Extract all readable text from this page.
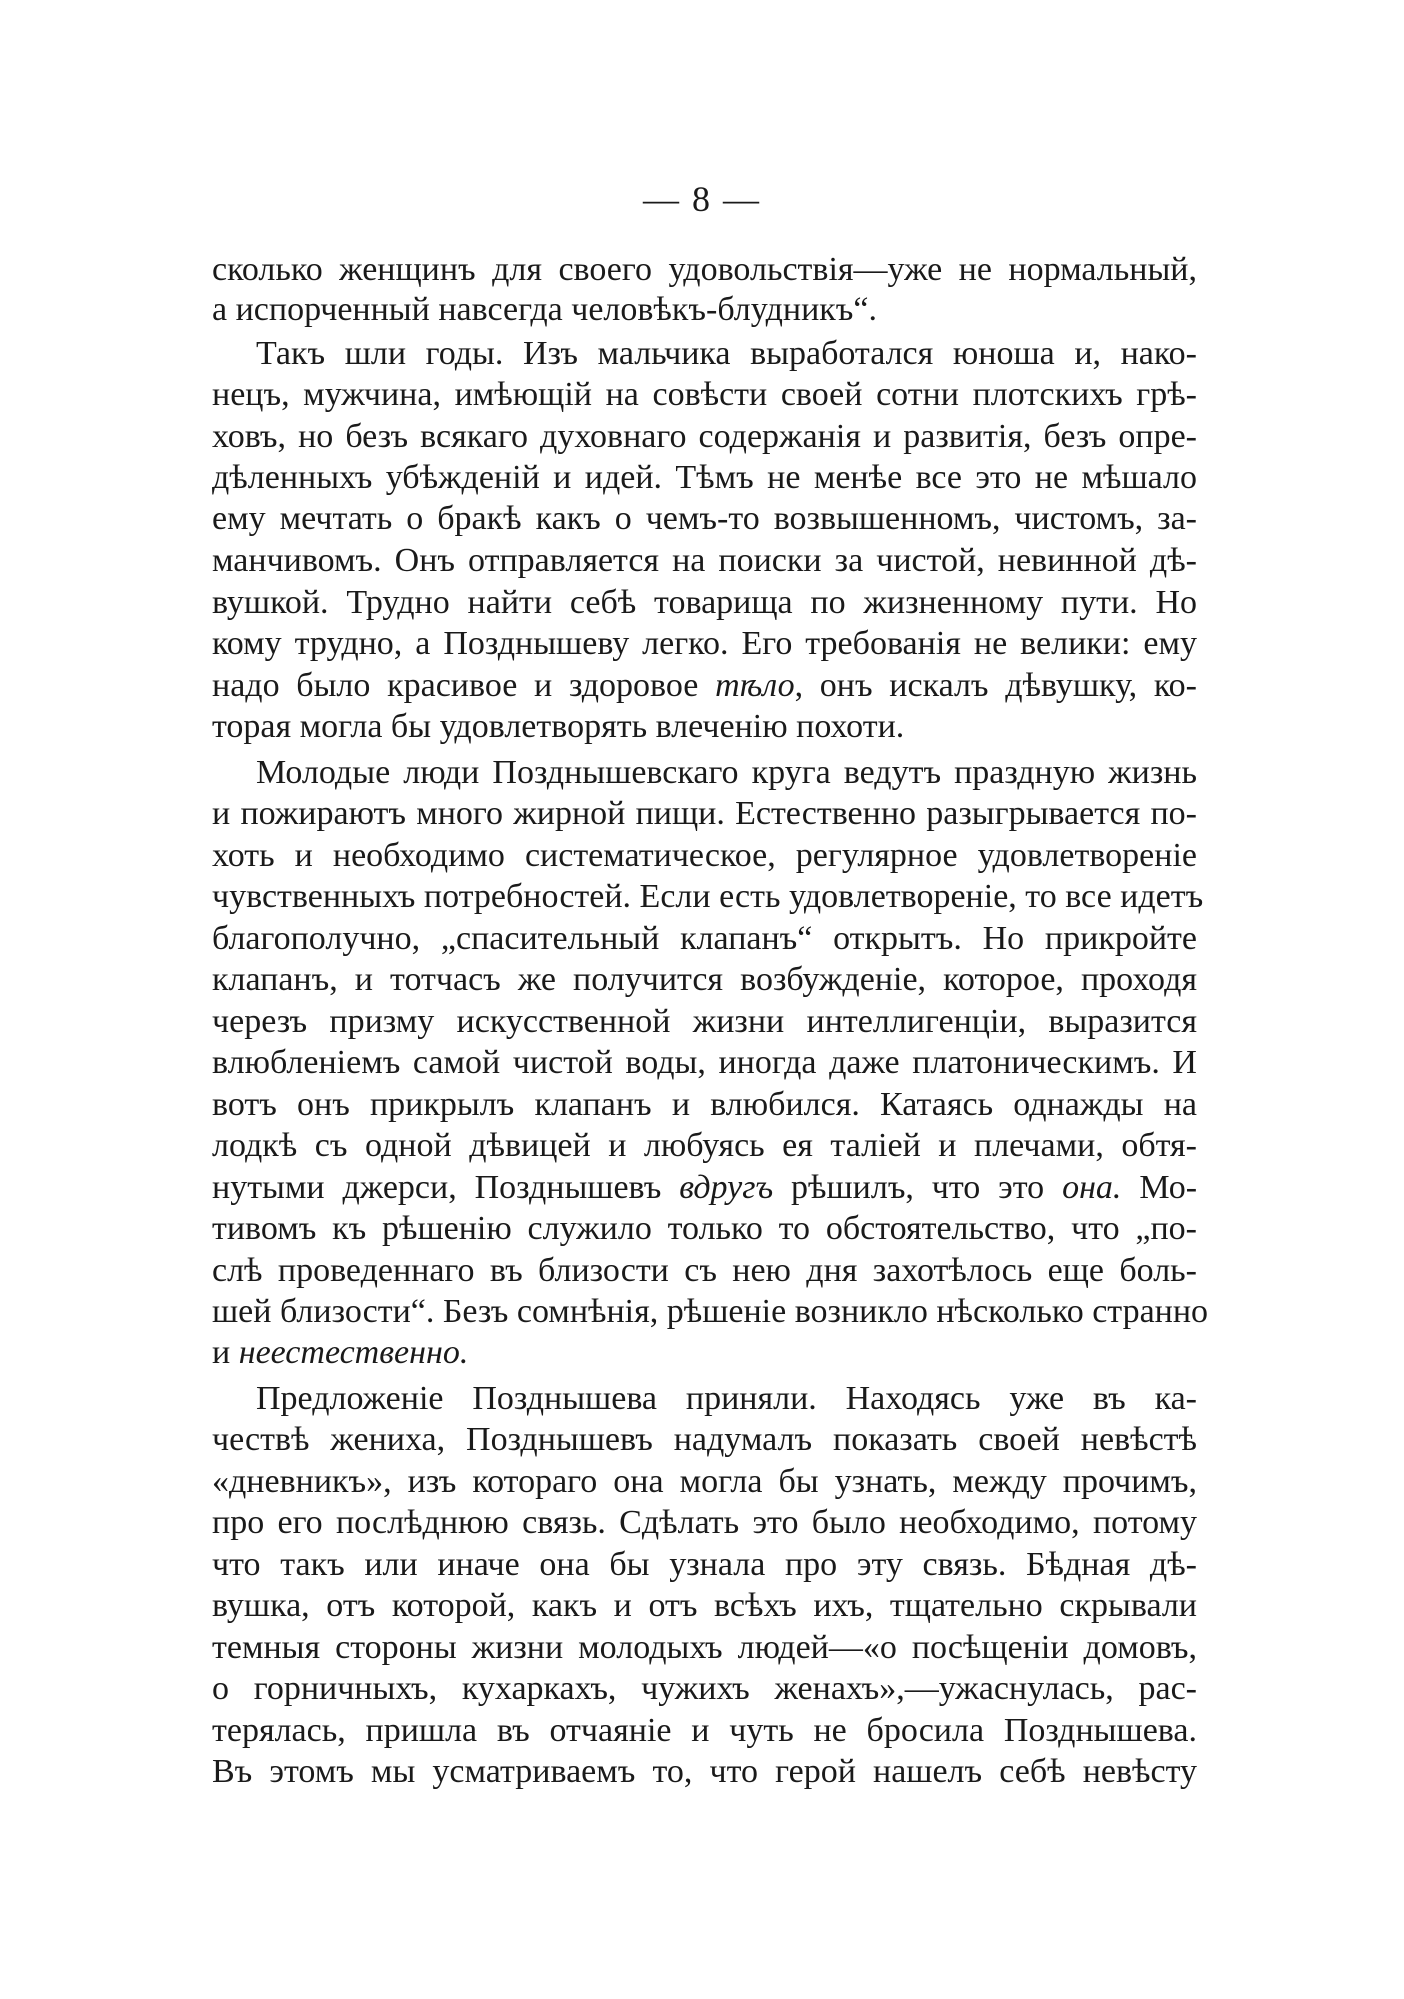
— 8 —
сколько женщинъ для своего удовольствія—уже не нормальный,
а испорченный навсегда человѣкъ-блудникъ“.
Такъ шли годы. Изъ мальчика выработался юноша и, нако-
нецъ, мужчина, имѣющій на совѣсти своей сотни плотскихъ грѣ-
ховъ, но безъ всякаго духовнаго содержанія и развитія, безъ опре-
дѣленныхъ убѣжденій и идей. Тѣмъ не менѣе все это не мѣшало
ему мечтать о бракѣ какъ о чемъ-то возвышенномъ, чистомъ, за-
манчивомъ. Онъ отправляется на поиски за чистой, невинной дѣ-
вушкой. Трудно найти себѣ товарища по жизненному пути. Но
кому трудно, а Позднышеву легко. Его требованія не велики: ему
надо было красивое и здоровое тѣло, онъ искалъ дѣвушку, ко-
торая могла бы удовлетворять влеченію похоти.
Молодые люди Позднышевскаго круга ведутъ праздную жизнь
и пожираютъ много жирной пищи. Естественно разыгрывается по-
хоть и необходимо систематическое, регулярное удовлетвореніе
чувственныхъ потребностей. Если есть удовлетвореніе, то все идетъ
благополучно, „спасительный клапанъ“ открытъ. Но прикройте
клапанъ, и тотчасъ же получится возбужденіе, которое, проходя
черезъ призму искусственной жизни интеллигенціи, выразится
влюбленіемъ самой чистой воды, иногда даже платоническимъ. И
вотъ онъ прикрылъ клапанъ и влюбился. Катаясь однажды на
лодкѣ съ одной дѣвицей и любуясь ея таліей и плечами, обтя-
нутыми джерси, Позднышевъ вдругъ рѣшилъ, что это она. Мо-
тивомъ къ рѣшенію служило только то обстоятельство, что „по-
слѣ проведеннаго въ близости съ нею дня захотѣлось еще боль-
шей близости“. Безъ сомнѣнія, рѣшеніе возникло нѣсколько странно
и неестественно.
Предложеніе Позднышева приняли. Находясь уже въ ка-
чествѣ жениха, Позднышевъ надумалъ показать своей невѣстѣ
«дневникъ», изъ котораго она могла бы узнать, между прочимъ,
про его послѣднюю связь. Сдѣлать это было необходимо, потому
что такъ или иначе она бы узнала про эту связь. Бѣдная дѣ-
вушка, отъ которой, какъ и отъ всѣхъ ихъ, тщательно скрывали
темныя стороны жизни молодыхъ людей—«о посѣщеніи домовъ,
о горничныхъ, кухаркахъ, чужихъ женахъ»,—ужаснулась, рас-
терялась, пришла въ отчаяніе и чуть не бросила Позднышева.
Въ этомъ мы усматриваемъ то, что герой нашелъ себѣ невѣсту
